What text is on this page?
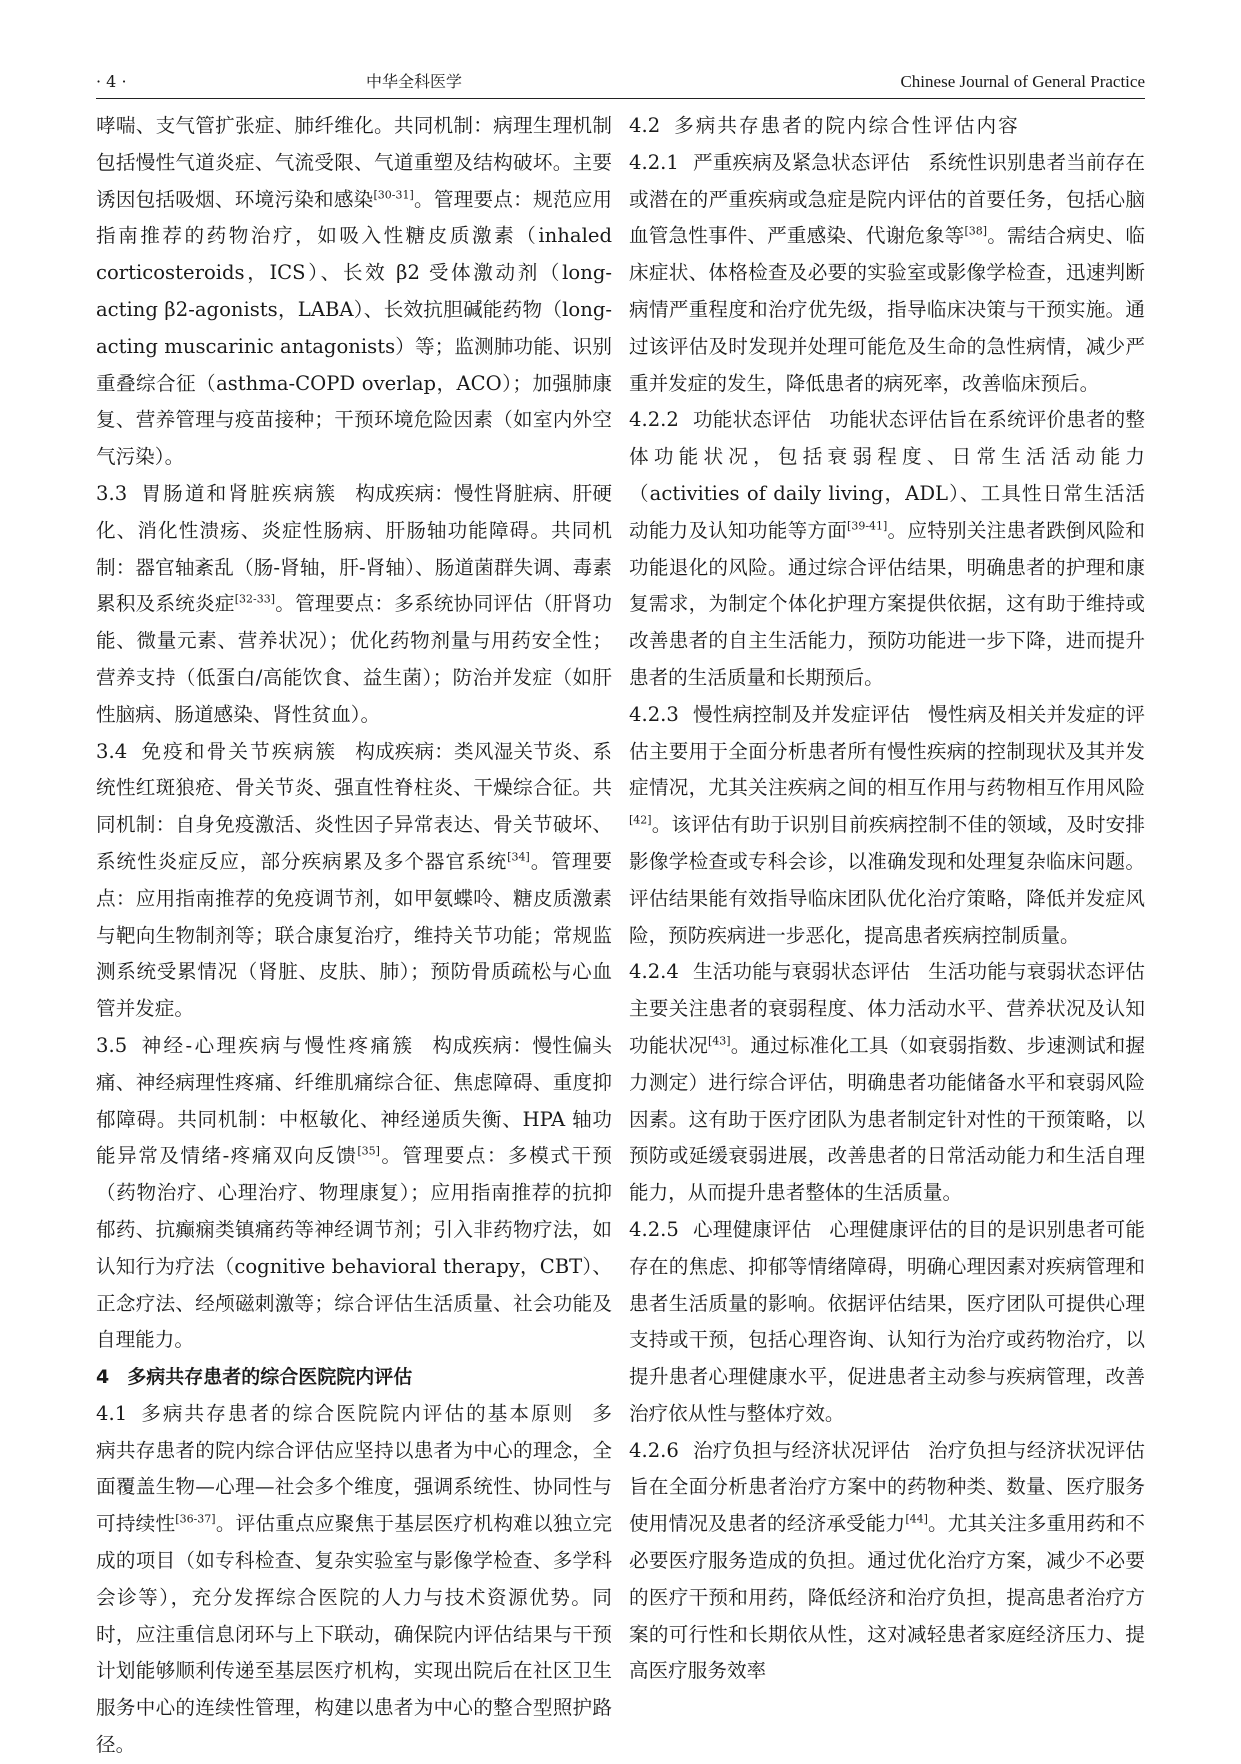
· 4 ·	中华全科医学	Chinese Journal of General Practice

哮喘、支气管扩张症、肺纤维化。共同机制：病理生理机制包括慢性气道炎症、气流受限、气道重塑及结构破坏。主要诱因包括吸烟、环境污染和感染[30-31]。管理要点：规范应用指南推荐的药物治疗，如吸入性糖皮质激素（inhaled corticosteroids，ICS）、长效 β2 受体激动剂（long-acting β2-agonists，LABA）、长效抗胆碱能药物（long-acting muscarinic antagonists）等；监测肺功能、识别重叠综合征（asthma-COPD overlap，ACO）；加强肺康复、营养管理与疫苗接种；干预环境危险因素（如室内外空气污染）。

3.3 胃肠道和肾脏疾病簇 构成疾病：慢性肾脏病、肝硬化、消化性溃疡、炎症性肠病、肝肠轴功能障碍。共同机制：器官轴紊乱（肠-肾轴，肝-肾轴）、肠道菌群失调、毒素累积及系统炎症[32-33]。管理要点：多系统协同评估（肝肾功能、微量元素、营养状况）；优化药物剂量与用药安全性；营养支持（低蛋白/高能饮食、益生菌）；防治并发症（如肝性脑病、肠道感染、肾性贫血）。

3.4 免疫和骨关节疾病簇 构成疾病：类风湿关节炎、系统性红斑狼疮、骨关节炎、强直性脊柱炎、干燥综合征。共同机制：自身免疫激活、炎性因子异常表达、骨关节破坏、系统性炎症反应，部分疾病累及多个器官系统[34]。管理要点：应用指南推荐的免疫调节剂，如甲氨蝶呤、糖皮质激素与靶向生物制剂等；联合康复治疗，维持关节功能；常规监测系统受累情况（肾脏、皮肤、肺）；预防骨质疏松与心血管并发症。

3.5 神经-心理疾病与慢性疼痛簇 构成疾病：慢性偏头痛、神经病理性疼痛、纤维肌痛综合征、焦虑障碍、重度抑郁障碍。共同机制：中枢敏化、神经递质失衡、HPA 轴功能异常及情绪-疼痛双向反馈[35]。管理要点：多模式干预（药物治疗、心理治疗、物理康复）；应用指南推荐的抗抑郁药、抗癫痫类镇痛药等神经调节剂；引入非药物疗法，如认知行为疗法（cognitive behavioral therapy，CBT）、正念疗法、经颅磁刺激等；综合评估生活质量、社会功能及自理能力。

4 多病共存患者的综合医院院内评估

4.1 多病共存患者的综合医院院内评估的基本原则 多病共存患者的院内综合评估应坚持以患者为中心的理念，全面覆盖生物—心理—社会多个维度，强调系统性、协同性与可持续性[36-37]。评估重点应聚焦于基层医疗机构难以独立完成的项目（如专科检查、复杂实验室与影像学检查、多学科会诊等），充分发挥综合医院的人力与技术资源优势。同时，应注重信息闭环与上下联动，确保院内评估结果与干预计划能够顺利传递至基层医疗机构，实现出院后在社区卫生服务中心的连续性管理，构建以患者为中心的整合型照护路径。

4.2 多病共存患者的院内综合性评估内容

4.2.1 严重疾病及紧急状态评估 系统性识别患者当前存在或潜在的严重疾病或急症是院内评估的首要任务，包括心脑血管急性事件、严重感染、代谢危象等[38]。需结合病史、临床症状、体格检查及必要的实验室或影像学检查，迅速判断病情严重程度和治疗优先级，指导临床决策与干预实施。通过该评估及时发现并处理可能危及生命的急性病情，减少严重并发症的发生，降低患者的病死率，改善临床预后。

4.2.2 功能状态评估 功能状态评估旨在系统评价患者的整体功能状况，包括衰弱程度、日常生活活动能力（activities of daily living，ADL）、工具性日常生活活动能力及认知功能等方面[39-41]。应特别关注患者跌倒风险和功能退化的风险。通过综合评估结果，明确患者的护理和康复需求，为制定个体化护理方案提供依据，这有助于维持或改善患者的自主生活能力，预防功能进一步下降，进而提升患者的生活质量和长期预后。

4.2.3 慢性病控制及并发症评估 慢性病及相关并发症的评估主要用于全面分析患者所有慢性疾病的控制现状及其并发症情况，尤其关注疾病之间的相互作用与药物相互作用风险[42]。该评估有助于识别目前疾病控制不佳的领域，及时安排影像学检查或专科会诊，以准确发现和处理复杂临床问题。评估结果能有效指导临床团队优化治疗策略，降低并发症风险，预防疾病进一步恶化，提高患者疾病控制质量。

4.2.4 生活功能与衰弱状态评估 生活功能与衰弱状态评估主要关注患者的衰弱程度、体力活动水平、营养状况及认知功能状况[43]。通过标准化工具（如衰弱指数、步速测试和握力测定）进行综合评估，明确患者功能储备水平和衰弱风险因素。这有助于医疗团队为患者制定针对性的干预策略，以预防或延缓衰弱进展，改善患者的日常活动能力和生活自理能力，从而提升患者整体的生活质量。

4.2.5 心理健康评估 心理健康评估的目的是识别患者可能存在的焦虑、抑郁等情绪障碍，明确心理因素对疾病管理和患者生活质量的影响。依据评估结果，医疗团队可提供心理支持或干预，包括心理咨询、认知行为治疗或药物治疗，以提升患者心理健康水平，促进患者主动参与疾病管理，改善治疗依从性与整体疗效。

4.2.6 治疗负担与经济状况评估 治疗负担与经济状况评估旨在全面分析患者治疗方案中的药物种类、数量、医疗服务使用情况及患者的经济承受能力[44]。尤其关注多重用药和不必要医疗服务造成的负担。通过优化治疗方案，减少不必要的医疗干预和用药，降低经济和治疗负担，提高患者治疗方案的可行性和长期依从性，这对减轻患者家庭经济压力、提高医疗服务效率
